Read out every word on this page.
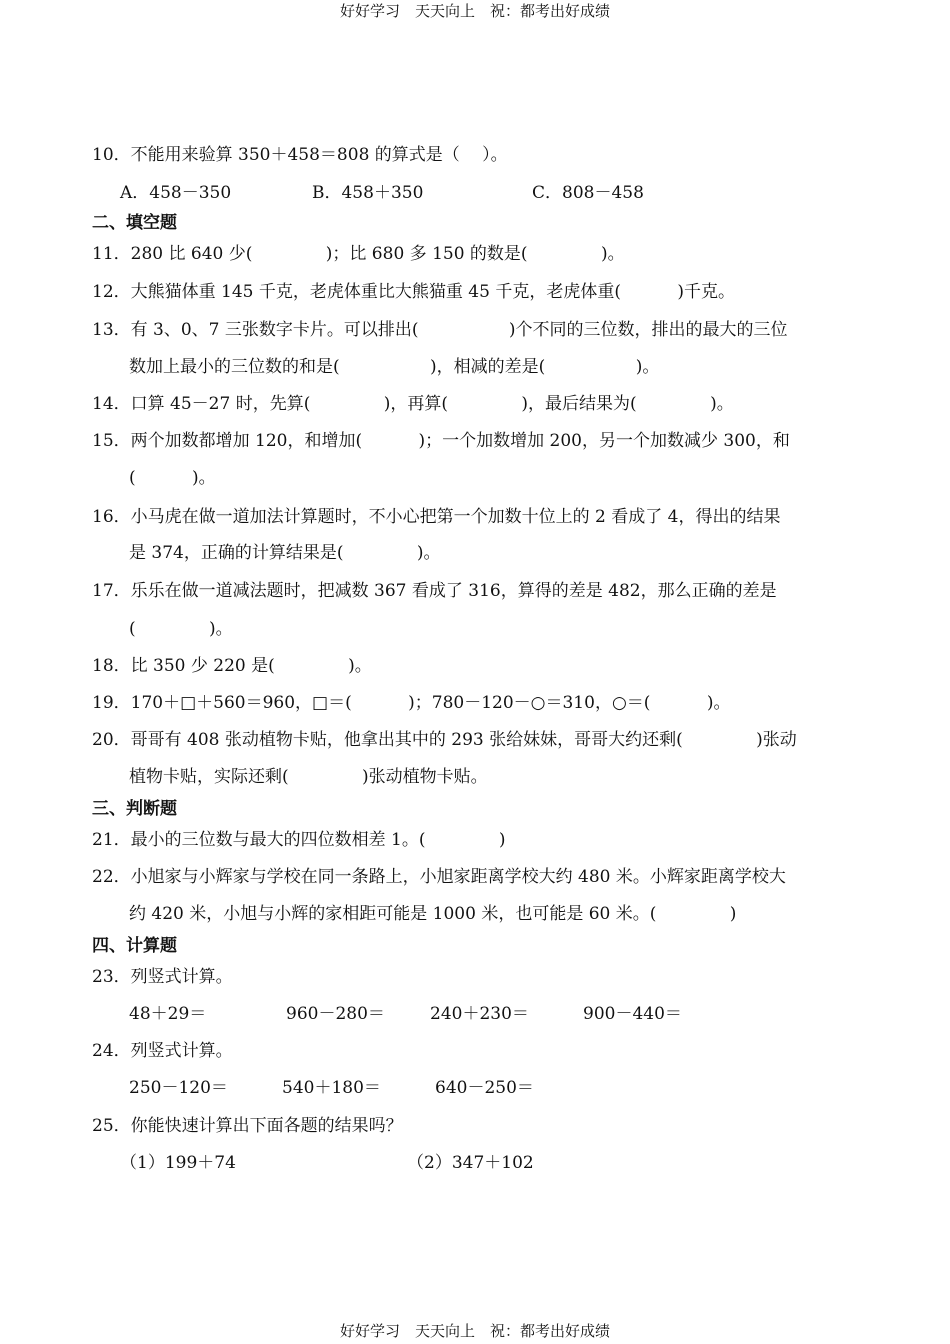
好好学习　天天向上　祝：都考出好成绩
10．不能用来验算 350＋458＝808 的算式是（　 ）。
A．458－350	B．458＋350	C．808－458
二、填空题
11．280 比 640 少(　　　　 )；比 680 多 150 的数是(　　　　 )。
12．大熊猫体重 145 千克，老虎体重比大熊猫重 45 千克，老虎体重(　　　 )千克。
13．有 3、0、7 三张数字卡片。可以排出(　　　　　 )个不同的三位数，排出的最大的三位
数加上最小的三位数的和是(　　　　　 )，相减的差是(　　　　　 )。
14．口算 45－27 时，先算(　　　　 )，再算(　　　　 )，最后结果为(　　　　 )。
15．两个加数都增加 120，和增加(　　　 )；一个加数增加 200，另一个加数减少 300，和
(　　　 )。
16．小马虎在做一道加法计算题时，不小心把第一个加数十位上的 2 看成了 4，得出的结果
是 374，正确的计算结果是(　　　　 )。
17．乐乐在做一道减法题时，把减数 367 看成了 316，算得的差是 482，那么正确的差是
(　　　　 )。
18．比 350 少 220 是(　　　　 )。
19．170＋□＋560＝960，□＝(　　　 )；780－120－○＝310，○＝(　　　 )。
20．哥哥有 408 张动植物卡贴，他拿出其中的 293 张给妹妹，哥哥大约还剩(　　　　 )张动
植物卡贴，实际还剩(　　　　 )张动植物卡贴。
三、判断题
21．最小的三位数与最大的四位数相差 1。(　　　　 )
22．小旭家与小辉家与学校在同一条路上，小旭家距离学校大约 480 米。小辉家距离学校大
约 420 米，小旭与小辉的家相距可能是 1000 米，也可能是 60 米。(　　　　 )
四、计算题
23．列竖式计算。
48＋29＝	960－280＝	240＋230＝	900－440＝
24．列竖式计算。
250－120＝	540＋180＝	640－250＝
25．你能快速计算出下面各题的结果吗？
（1）199＋74	（2）347＋102
好好学习　天天向上　祝：都考出好成绩
